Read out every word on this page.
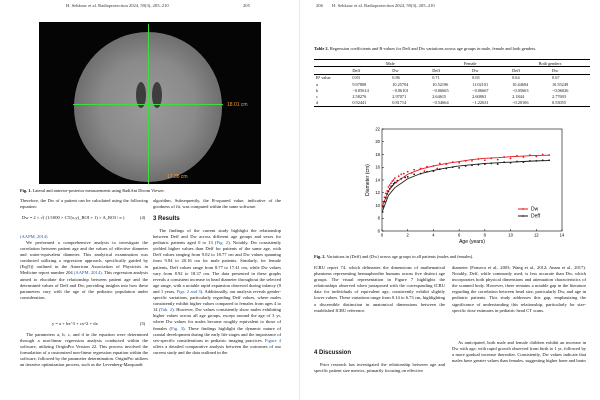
H. Sekkour et al. Radioprotection 2024, 59(3), 205–210	205
18.01 cm
17.38 cm

Fig. 1. Lateral and anterior-posterior measurements using RadiAnt Dicom Viewer.

Therefore, the Dw of a patient can be calculated using the following equation:

Dw = 2 × √( (1/1000 × CT(x,y)_ROI + 1) × A_ROI / π )	(4)

(AAPM, 2014)

We performed a comprehensive analysis to investigate the correlation between patient age and the values of effective diameter and water-equivalent diameter. This analytical examination was conducted utilizing a regression approach, specifically guided by (Eq(5)) outlined in the American Association of Physicists in Medicine report number 204 (AAPM, 2014). This regression analysis aimed to elucidate the relationship between patient age and the determined values of Deff and Dw, providing insights into how these parameters vary with the age of the pediatric population under consideration.

y = a + bx^3 + cx^2 + dx	(5)

The parameters a, b, c, and d in the equation were determined through a non-linear regression analysis conducted within the software, utilizing OriginPro Version 22. This process involved the formulation of a customized non-linear regression equation within the software, followed by the parameter determination. OriginPro utilizes an iterative optimization process, such as the Levenberg-Marquardt

algorithm. Subsequently, the R-squared value, indicative of the goodness of fit, was computed within the same software.

3 Results

The findings of the current study highlight the relationship between Deff and Dw across different age groups and sexes for pediatric patients aged 0 to 13 (Fig. 2). Notably, Dw consistently yielded higher values than Deff for patients of the same age, with Deff values ranging from 9.02 to 18.77 cm and Dw values spanning from 9.84 to 20.16 cm for male patients. Similarly, for female patients, Deff values range from 8.77 to 17.41 cm, while Dw values vary from 8.92 to 18.37 cm. The data presented in these graphs reveals a consistent increase in head diameter throughout the selected age range, with a notable rapid expansion observed during infancy (0 and 1 years, Figs. 2 and 3). Additionally, our analysis reveals gender-specific variations, particularly regarding Deff values, where males consistently exhibit higher values compared to females from ages 4 to 14 (Tab. 2). However, Dw values consistently show males exhibiting higher values across all age groups, except around the age of 3 yr, where Dw values for males become roughly equivalent to those of females (Fig. 3). These findings highlight the dynamic nature of cranial development during the early life stages and the importance of sex-specific considerations in pediatric imaging practices. Figure 4 offers a detailed comparative analysis between the outcomes of our current study and the data outlined in the

206 H. Sekkour et al. Radioprotection 2024, 59(3), 205–210

Table 2. Regression coefficients and R-values for Deff and Dw variations across age groups in male, female and both genders.

	Male		Female		Both genders	
	Deff	Dw	Deff	Dw	Deff	Dw
R² value	0.83	0.86	0.71	0.65	0.64	0.67
a	9.97808	10.25704	10.52196	11.02101	10.44694	10.55249
b	−0.05614	−0.06101	−0.06665	−0.06667	−0.05663	−0.06026
c	2.58276	2.97071	2.64615	2.60863	2.1844	2.77693
d	0.92441	0.81714	−0.54664	−1.22631	−0.20106	0.53055
0	2	4	6	8	10	12	14
6
8
10
12
14
16
18
20
22
Age (years)
Diameter (cm)
Dw
Deff

Fig. 2. Variations in (Deff) and (Dw) across age groups in all patients (males and females).

ICRU report 74, which delineates the dimensions of mathematical phantoms representing hermaphrodite humans across five distinct age groups. The visual representation in Figure 7 highlights the relationships observed when juxtaposed with the corresponding ICRU data for individuals of equivalent age, consistently exhibit slightly lower values. These variations range from 0.14 to 6.73 cm, highlighting a discernible distinction in anatomical dimensions between the established ICRU reference.

4 Discussion

Prior research has investigated the relationship between age and specific patient size metrics, primarily focusing on effective

diameter (Fonseca et al., 2003; Wang et al., 2012; Anam et al., 2017). Notably, Deff, while commonly used, is less accurate than Dw, which incorporates both physical dimensions and attenuation characteristics of the scanned body. However, there remains a notable gap in the literature regarding the correlation between head size, particularly Dw, and age in pediatric patients. This study addresses this gap, emphasizing the significance of understanding this relationship, particularly for size-specific dose estimates in pediatric head CT scans.

As anticipated, both male and female children exhibit an increase in Dw with age, with rapid growth observed from birth to 1 yr, followed by a more gradual increase thereafter. Consistently, Dw values indicate that males have greater values than females, suggesting higher bone and brain
